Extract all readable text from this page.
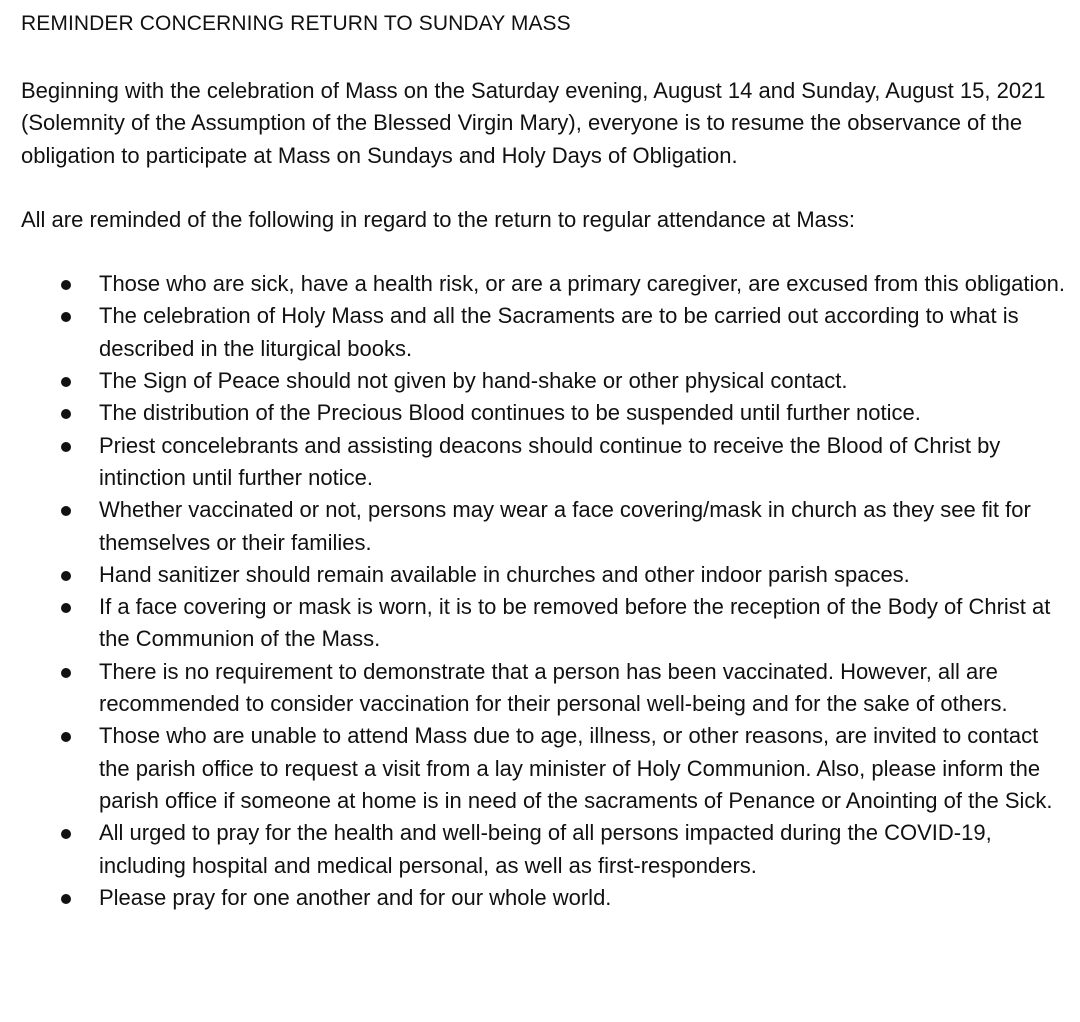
REMINDER CONCERNING RETURN TO SUNDAY MASS

Beginning with the celebration of Mass on the Saturday evening, August 14 and Sunday, August 15, 2021 (Solemnity of the Assumption of the Blessed Virgin Mary), everyone is to resume the observance of the obligation to participate at Mass on Sundays and Holy Days of Obligation.

All are reminded of the following in regard to the return to regular attendance at Mass:

Those who are sick, have a health risk, or are a primary caregiver, are excused from this obligation.
The celebration of Holy Mass and all the Sacraments are to be carried out according to what is described in the liturgical books.
The Sign of Peace should not given by hand-shake or other physical contact.
The distribution of the Precious Blood continues to be suspended until further notice.
Priest concelebrants and assisting deacons should continue to receive the Blood of Christ by intinction until further notice.
Whether vaccinated or not, persons may wear a face covering/mask in church as they see fit for themselves or their families.
Hand sanitizer should remain available in churches and other indoor parish spaces.
If a face covering or mask is worn, it is to be removed before the reception of the Body of Christ at the Communion of the Mass.
There is no requirement to demonstrate that a person has been vaccinated. However, all are recommended to consider vaccination for their personal well-being and for the sake of others.
Those who are unable to attend Mass due to age, illness, or other reasons, are invited to contact the parish office to request a visit from a lay minister of Holy Communion. Also, please inform the parish office if someone at home is in need of the sacraments of Penance or Anointing of the Sick.
All urged to pray for the health and well-being of all persons impacted during the COVID-19, including hospital and medical personal, as well as first-responders.
Please pray for one another and for our whole world.
